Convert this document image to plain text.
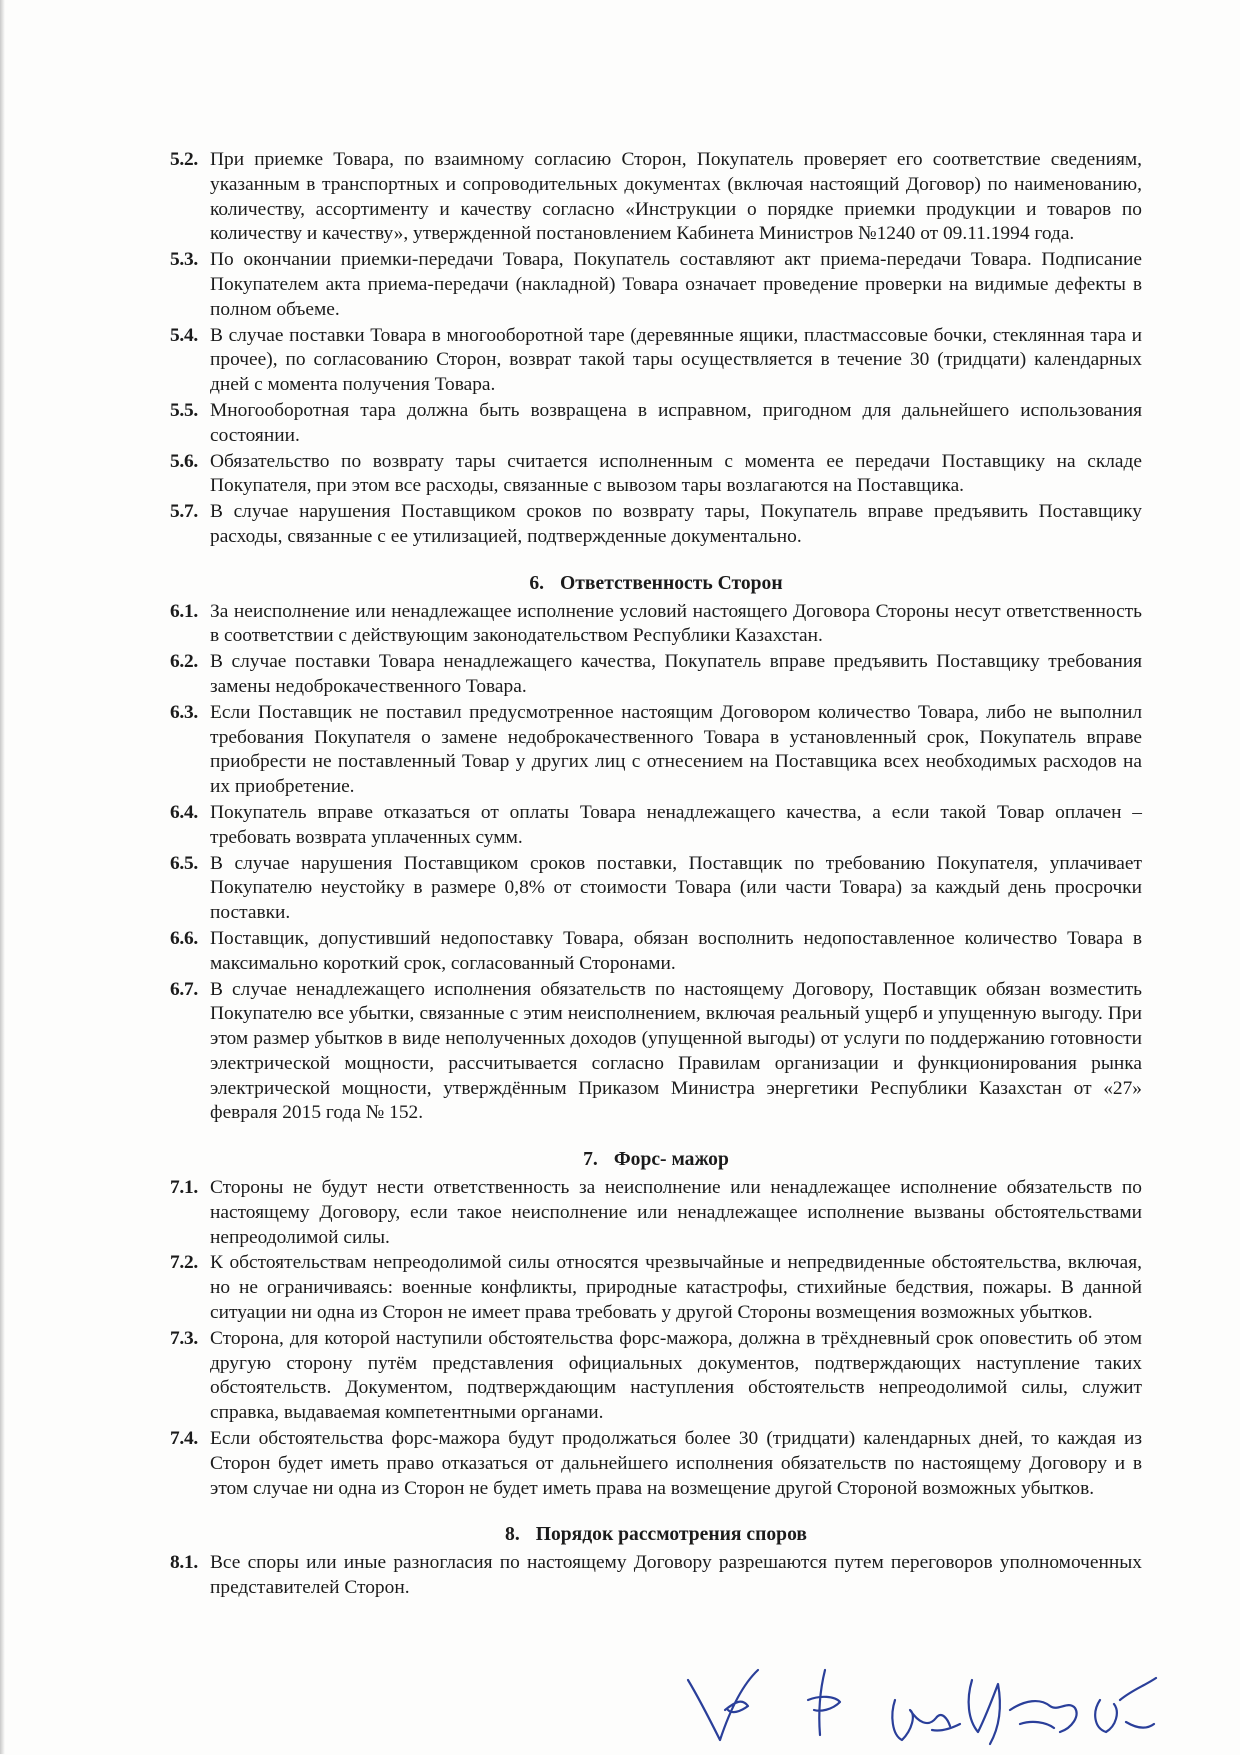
5.2. При приемке Товара, по взаимному согласию Сторон, Покупатель проверяет его соответствие сведениям, указанным в транспортных и сопроводительных документах (включая настоящий Договор) по наименованию, количеству, ассортименту и качеству согласно «Инструкции о порядке приемки продукции и товаров по количеству и качеству», утвержденной постановлением Кабинета Министров №1240 от 09.11.1994 года.
5.3. По окончании приемки-передачи Товара, Покупатель составляют акт приема-передачи Товара. Подписание Покупателем акта приема-передачи (накладной) Товара означает проведение проверки на видимые дефекты в полном объеме.
5.4. В случае поставки Товара в многооборотной таре (деревянные ящики, пластмассовые бочки, стеклянная тара и прочее), по согласованию Сторон, возврат такой тары осуществляется в течение 30 (тридцати) календарных дней с момента получения Товара.
5.5. Многооборотная тара должна быть возвращена в исправном, пригодном для дальнейшего использования состоянии.
5.6. Обязательство по возврату тары считается исполненным с момента ее передачи Поставщику на складе Покупателя, при этом все расходы, связанные с вывозом тары возлагаются на Поставщика.
5.7. В случае нарушения Поставщиком сроков по возврату тары, Покупатель вправе предъявить Поставщику расходы, связанные с ее утилизацией, подтвержденные документально.
6. Ответственность Сторон
6.1. За неисполнение или ненадлежащее исполнение условий настоящего Договора Стороны несут ответственность в соответствии с действующим законодательством Республики Казахстан.
6.2. В случае поставки Товара ненадлежащего качества, Покупатель вправе предъявить Поставщику требования замены недоброкачественного Товара.
6.3. Если Поставщик не поставил предусмотренное настоящим Договором количество Товара, либо не выполнил требования Покупателя о замене недоброкачественного Товара в установленный срок, Покупатель вправе приобрести не поставленный Товар у других лиц с отнесением на Поставщика всех необходимых расходов на их приобретение.
6.4. Покупатель вправе отказаться от оплаты Товара ненадлежащего качества, а если такой Товар оплачен – требовать возврата уплаченных сумм.
6.5. В случае нарушения Поставщиком сроков поставки, Поставщик по требованию Покупателя, уплачивает Покупателю неустойку в размере 0,8% от стоимости Товара (или части Товара) за каждый день просрочки поставки.
6.6. Поставщик, допустивший недопоставку Товара, обязан восполнить недопоставленное количество Товара в максимально короткий срок, согласованный Сторонами.
6.7. В случае ненадлежащего исполнения обязательств по настоящему Договору, Поставщик обязан возместить Покупателю все убытки, связанные с этим неисполнением, включая реальный ущерб и упущенную выгоду. При этом размер убытков в виде неполученных доходов (упущенной выгоды) от услуги по поддержанию готовности электрической мощности, рассчитывается согласно Правилам организации и функционирования рынка электрической мощности, утверждённым Приказом Министра энергетики Республики Казахстан от «27» февраля 2015 года № 152.
7. Форс- мажор
7.1. Стороны не будут нести ответственность за неисполнение или ненадлежащее исполнение обязательств по настоящему Договору, если такое неисполнение или ненадлежащее исполнение вызваны обстоятельствами непреодолимой силы.
7.2. К обстоятельствам непреодолимой силы относятся чрезвычайные и непредвиденные обстоятельства, включая, но не ограничиваясь: военные конфликты, природные катастрофы, стихийные бедствия, пожары. В данной ситуации ни одна из Сторон не имеет права требовать у другой Стороны возмещения возможных убытков.
7.3. Сторона, для которой наступили обстоятельства форс-мажора, должна в трёхдневный срок оповестить об этом другую сторону путём представления официальных документов, подтверждающих наступление таких обстоятельств. Документом, подтверждающим наступления обстоятельств непреодолимой силы, служит справка, выдаваемая компетентными органами.
7.4. Если обстоятельства форс-мажора будут продолжаться более 30 (тридцати) календарных дней, то каждая из Сторон будет иметь право отказаться от дальнейшего исполнения обязательств по настоящему Договору и в этом случае ни одна из Сторон не будет иметь права на возмещение другой Стороной возможных убытков.
8. Порядок рассмотрения споров
8.1. Все споры или иные разногласия по настоящему Договору разрешаются путем переговоров уполномоченных представителей Сторон.
